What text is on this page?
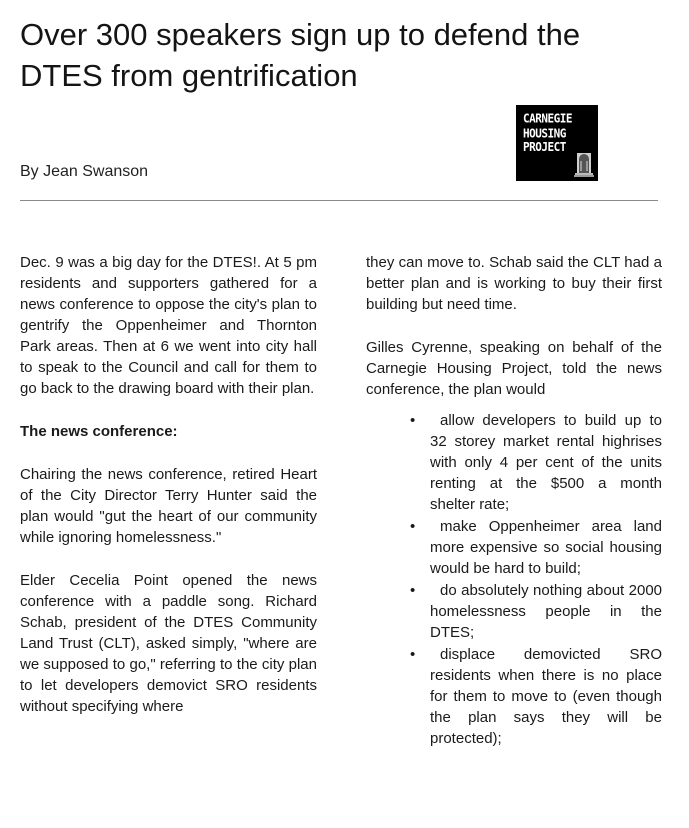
Over 300 speakers sign up to defend the DTES from gentrification
CARNEGIE
HOUSING
PROJECT
By Jean Swanson

Dec. 9 was a big day for the DTES!. At 5 pm residents and supporters gathered for a news conference to oppose the city's plan to gentrify the Oppenheimer and Thornton Park areas. Then at 6 we went into city hall to speak to the Council and call for them to go back to the drawing board with their plan.

The news conference:

Chairing the news conference, retired Heart of the City Director Terry Hunter said the plan would "gut the heart of our community while ignoring homelessness."

Elder Cecelia Point opened the news conference with a paddle song. Richard Schab, president of the DTES Community Land Trust (CLT), asked simply, "where are we supposed to go," referring to the city plan to let developers demovict SRO residents without specifying where

they can move to. Schab said the CLT had a better plan and is working to buy their first building but need time.

Gilles Cyrenne, speaking on behalf of the Carnegie Housing Project, told the news conference, the plan would

•	allow developers to build up to 32 storey market rental highrises with only 4 per cent of the units renting at the $500 a month shelter rate;
•	make Oppenheimer area land more expensive so social housing would be hard to build;
•	do absolutely nothing about 2000 homelessness people in the DTES;
•	displace demovicted SRO residents when there is no place for them to move to (even though the plan says they will be protected);
